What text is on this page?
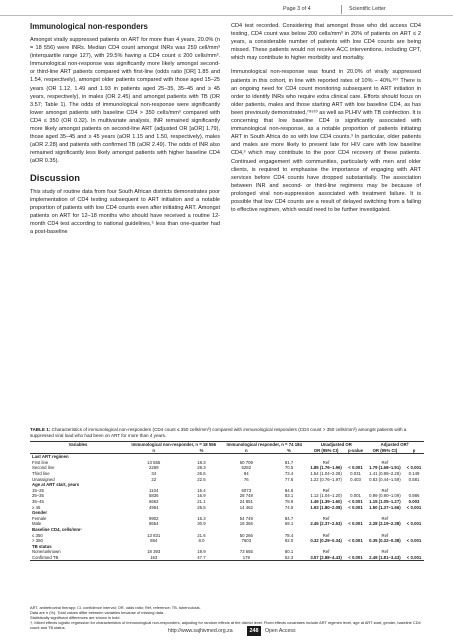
Page 3 of 4	Scientific Letter
Immunological non-responders

Amongst virally suppressed patients on ART for more than 4 years, 20.0% (n = 18 556) were INRs. Median CD4 count amongst INRs was 259 cell/mm³ (interquartile range 127), with 29.5% having a CD4 count ≤ 200 cells/mm³. Immunological non-response was significantly more likely amongst second- or third-line ART patients compared with first-line (odds ratio [OR] 1.85 and 1.54, respectively), amongst older patients compared with those aged 15–25 years (OR 1.12, 1.49 and 1.93 in patients aged 25–35, 35–45 and ≥ 45 years, respectively), in males (OR 2.45) and amongst patients with TB (OR 3.57; Table 1). The odds of immunological non-response were significantly lower amongst patients with baseline CD4 > 350 cells/mm³ compared with CD4 ≤ 350 (OR 0.32). In multivariate analysis, INR remained significantly more likely amongst patients on second-line ART (adjusted OR [aOR] 1.79), those aged 35–45 and ≥ 45 years (aOR 1.15 and 1.50, respectively), males (aOR 2.28) and patients with confirmed TB (aOR 2.49). The odds of INR also remained significantly less likely amongst patients with higher baseline CD4 (aOR 0.35).

Discussion

This study of routine data from four South African districts demonstrates poor implementation of CD4 testing subsequent to ART initiation and a notable proportion of patients with low CD4 counts even after initiating ART. Amongst patients on ART for 12–18 months who should have received a routine 12-month CD4 test according to national guidelines,⁵ less than one-quarter had a post-baseline

CD4 test recorded. Considering that amongst those who did access CD4 testing, CD4 count was below 200 cells/mm³ in 20% of patients on ART ≤ 2 years, a considerable number of patients with low CD4 counts are being missed. These patients would not receive ACC interventions, including CPT, which may contribute to higher morbidity and mortality.

Immunological non-response was found in 20.0% of virally suppressed patients in this cohort, in line with reported rates of 10% – 40%.¹⁰⁷ There is an ongoing need for CD4 count monitoring subsequent to ART initiation in order to identify INRs who require extra clinical care. Efforts should focus on older patients, males and those starting ART with low baseline CD4, as has been previously demonstrated,⁷⁸⁹¹⁰ as well as PLHIV with TB coinfection. It is concerning that low baseline CD4 is significantly associated with immunological non-response, as a notable proportion of patients initiating ART in South Africa do so with low CD4 counts.³ In particular, older patients and males are more likely to present late for HIV care with low baseline CD4,³ which may contribute to the poor CD4 recovery of these patients. Continued engagement with communities, particularly with men and older clients, is required to emphasise the importance of engaging with ART services before CD4 counts have dropped substantially. The association between INR and second- or third-line regimens may be because of prolonged viral non-suppression associated with treatment failure. It is possible that low CD4 counts are a result of delayed switching from a failing to effective regimen, which would need to be further investigated.

TABLE 1: Characteristics of immunological non-responders (CD4 count ≤ 350 cells/mm³) compared with immunological responders (CD4 count > 350 cells/mm³) amongst patients with a suppressed viral load who had been on ART for more than 4 years.
Variables	Immunological non-responder, n = 18 556		Immunological responder, n = 74 184		Unadjusted OR		Adjusted OR†	
	n	%	n	%	OR (95% CI)	p-value	OR (95% CI)	p
Last ART regimen								
First line	13 555	18.3	60 709	81.7	Ref		Ref	
Second line	2269	29.3	5282	70.5	1.85 (1.76–1.96)	< 0.001	1.79 (1.68–1.91)	< 0.001
Third line	34	26.6	94	73.4	1.54 (1.04–2.28)	0.031	1.41 (0.88–2.26)	0.149
Unassigned	22	22.5	76	77.6	1.22 (0.76–1.97)	0.403	0.83 (0.44–1.59)	0.581
Age at ART start, years								
15–25	1104	15.4	6073	84.6	Ref		Ref	
25–35	5836	16.9	28 748	83.1	1.12 (1.04–1.20)	0.001	0.99 (0.90–1.09)	0.886
35–45	6662	21.1	24 851	78.9	1.49 (1.39–1.60)	< 0.001	1.15 (1.05–1.27)	0.003
≥ 45	4954	25.5	14 462	74.5	1.93 (1.80–2.08)	< 0.001	1.50 (1.37–1.66)	< 0.001
Gender								
Female	9902	15.3	54 749	84.7	Ref		Ref	
Male	8654	30.9	19 365	69.1	2.45 (2.37–2.53)	< 0.001	2.28 (2.19–2.38)	< 0.001
Baseline CD4, cells/mm³								
≤ 350	13 831	21.6	50 266	78.4	Ref		Ref	
> 350	884	8.0	7603	92.0	0.32 (0.29–0.34)	< 0.001	0.35 (0.32–0.38)	< 0.001
TB status								
None/unknown	18 393	19.9	73 655	80.1	Ref		Ref	
Confirmed TB	163	47.7	179	52.3	3.57 (2.88–4.43)	< 0.001	2.49 (1.81–3.43)	< 0.001
ART, antiretroviral therapy; CI, confidence interval; OR, odds ratio; Ref, reference; TB, tuberculosis.
Data are n (%). Total values differ between variables because of missing data.
Statistically significant differences are shown in bold.
†, Mixed effects logistic regression for characteristics of immunological non-responders, adjusting for random effects at the district level. Fixed effects covariates include ART regimen level, age at ART start, gender, baseline CD4 count and TB status.
http://www.sajhivmed.org.za	248	Open Access
